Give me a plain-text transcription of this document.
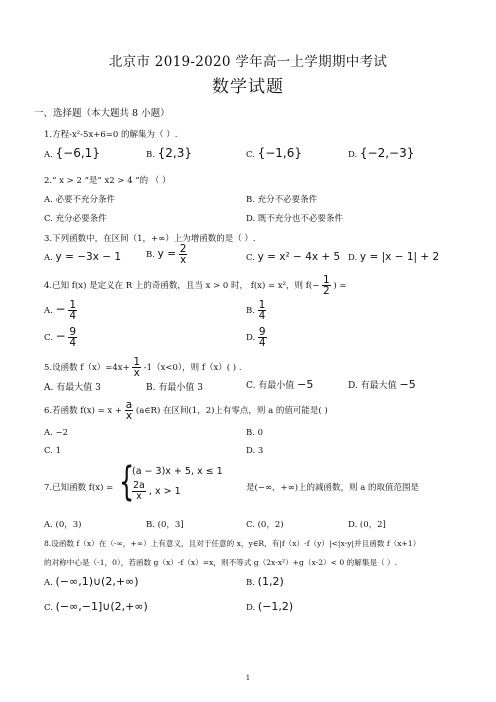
北京市 2019-2020 学年高一上学期期中考试
数学试题
一、选择题（本大题共 8 小题）
1.方程-x²-5x+6=0 的解集为（ ）.
A. {−6,1}	B. {2,3}	C. {−1,6}	D. {−2,−3}
2.“ x > 2 ”是“ x2 > 4 ”的 （ ）
A. 必要不充分条件	B. 充分不必要条件
C. 充分必要条件	D. 既不充分也不必要条件
3.下列函数中，在区间（1，+∞）上为增函数的是（ ）.
A. y = −3x − 1	B. $y = \frac{2}{x}$	C. y = x² − 4x + 5 D. y = |x − 1| + 2
4.已知 f(x) 是定义在 R 上的奇函数，且当 x > 0 时， f(x) = x²，则 $f(- \frac{1}{2}$ ) =
A. − $\frac{1}{4}$	B. $\frac{1}{4}$
C. − $\frac{9}{4}$	D. $\frac{9}{4}$
5.设函数 $f(x)=4x+ \frac{1}{x} -1(x<0)$，则 f（x）( ) .
A. 有最大值 3	B. 有最小值 3	C. 有最小值 −5	D. 有最大值 −5
6.若函数 $f(x) = x + \frac{a}{x}$ (a∈R) 在区间(1，2)上有零点，则 a 的值可能是( )
A. −2	B. 0
C. 1	D. 3
7.已知函数 f(x) = {
(a − 3)x + 5, x ≤ 1
$\frac{2a}{x}$ , x > 1	是(−∞，+∞)上的减函数，则 a 的取值范围是
A. (0，3)	B. (0，3]	C. (0，2)	D. (0，2]
8.设函数 f（x）在（-∞，+∞）上有意义，且对于任意的 x，y∈R，有|f（x）-f（y）|<|x-y|并且函数 f（x+1）
的对称中心是（-1，0），若函数 g（x）-f（x）=x，则不等式 g（2x-x²）+g（x-2）< 0 的解集是（ ）.
A. (−∞,1)∪(2,+∞)	B. (1,2)
C. (−∞,−1]∪(2,+∞)	D. (−1,2)
1
